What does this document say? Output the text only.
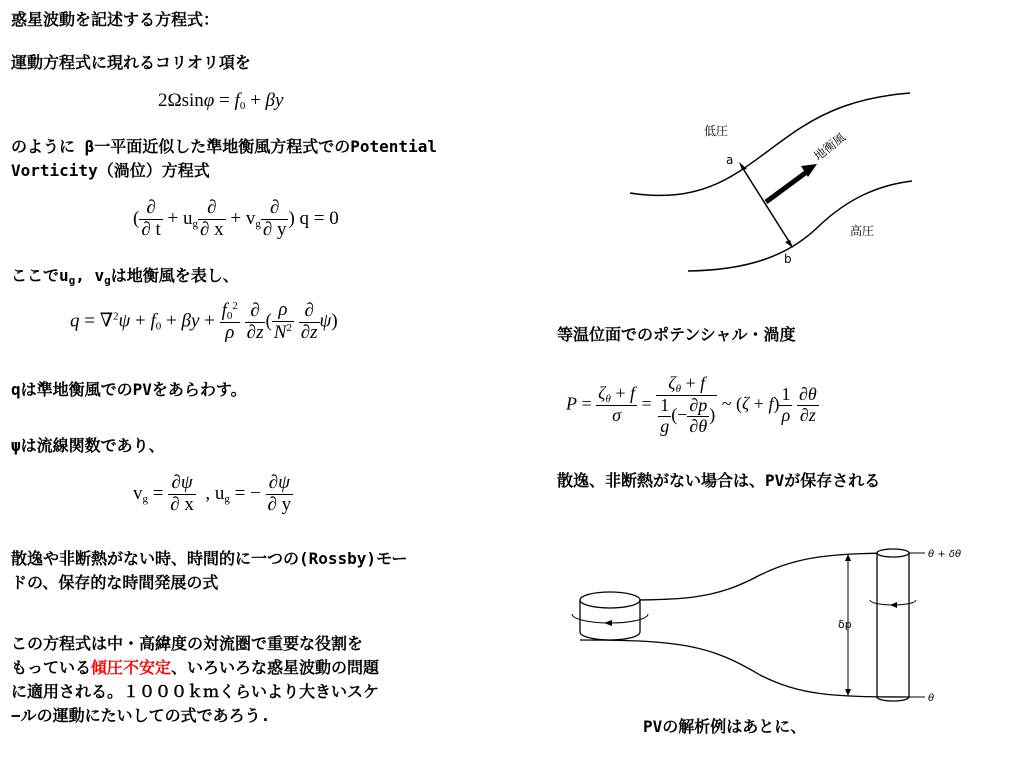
惑星波動を記述する方程式：
運動方程式に現れるコリオリ項を
$2\Omega\sin\varphi = f_0 + \beta y$
のように β一平面近似した準地衡風方程式でのPotential
Vorticity（渦位）方程式
( $\frac{\partial}{\partial t} + u_g \frac{\partial}{\partial x} + v_g \frac{\partial}{\partial y}$ ) q = 0
ここで$u_g$, $v_g$は地衡風を表し、
$q = \nabla^2\psi + f_0 + \beta y + \frac{f_0^2}{\rho}$
$\frac{\partial}{\partial z}$ ( $\frac{\rho}{N^2}$
$\frac{\partial}{\partial z} \psi$)
qは準地衡風でのPVをあらわす。
ψは流線関数であり、
$v_g = \frac{\partial\psi}{\partial x}$ , $u_g$ = − $\frac{\partial\psi}{\partial y}$
散逸や非断熱がない時、時間的に一つの(Rossby)モー
ドの、保存的な時間発展の式
この方程式は中・高緯度の対流圏で重要な役割を
もっている傾圧不安定、いろいろな惑星波動の問題
に適用される。１０００ｋｍくらいより大きいスケ
−ルの運動にたいしての式であろう.
低圧
高圧
a
b
地衡風
等温位面でのポテンシャル・渦度
$P = \frac{\zeta_\theta + f}{\sigma} = \frac{\zeta_\theta + f}{\frac{1}{g} (- \frac{\partial p}{\partial\theta} )}$ ~ $(\zeta + f) \frac{1}{\rho}$
$\frac{\partial\theta}{\partial z}$
散逸、非断熱がない場合は、PVが保存される
δp
θ + δθ
θ
PVの解析例はあとに、
